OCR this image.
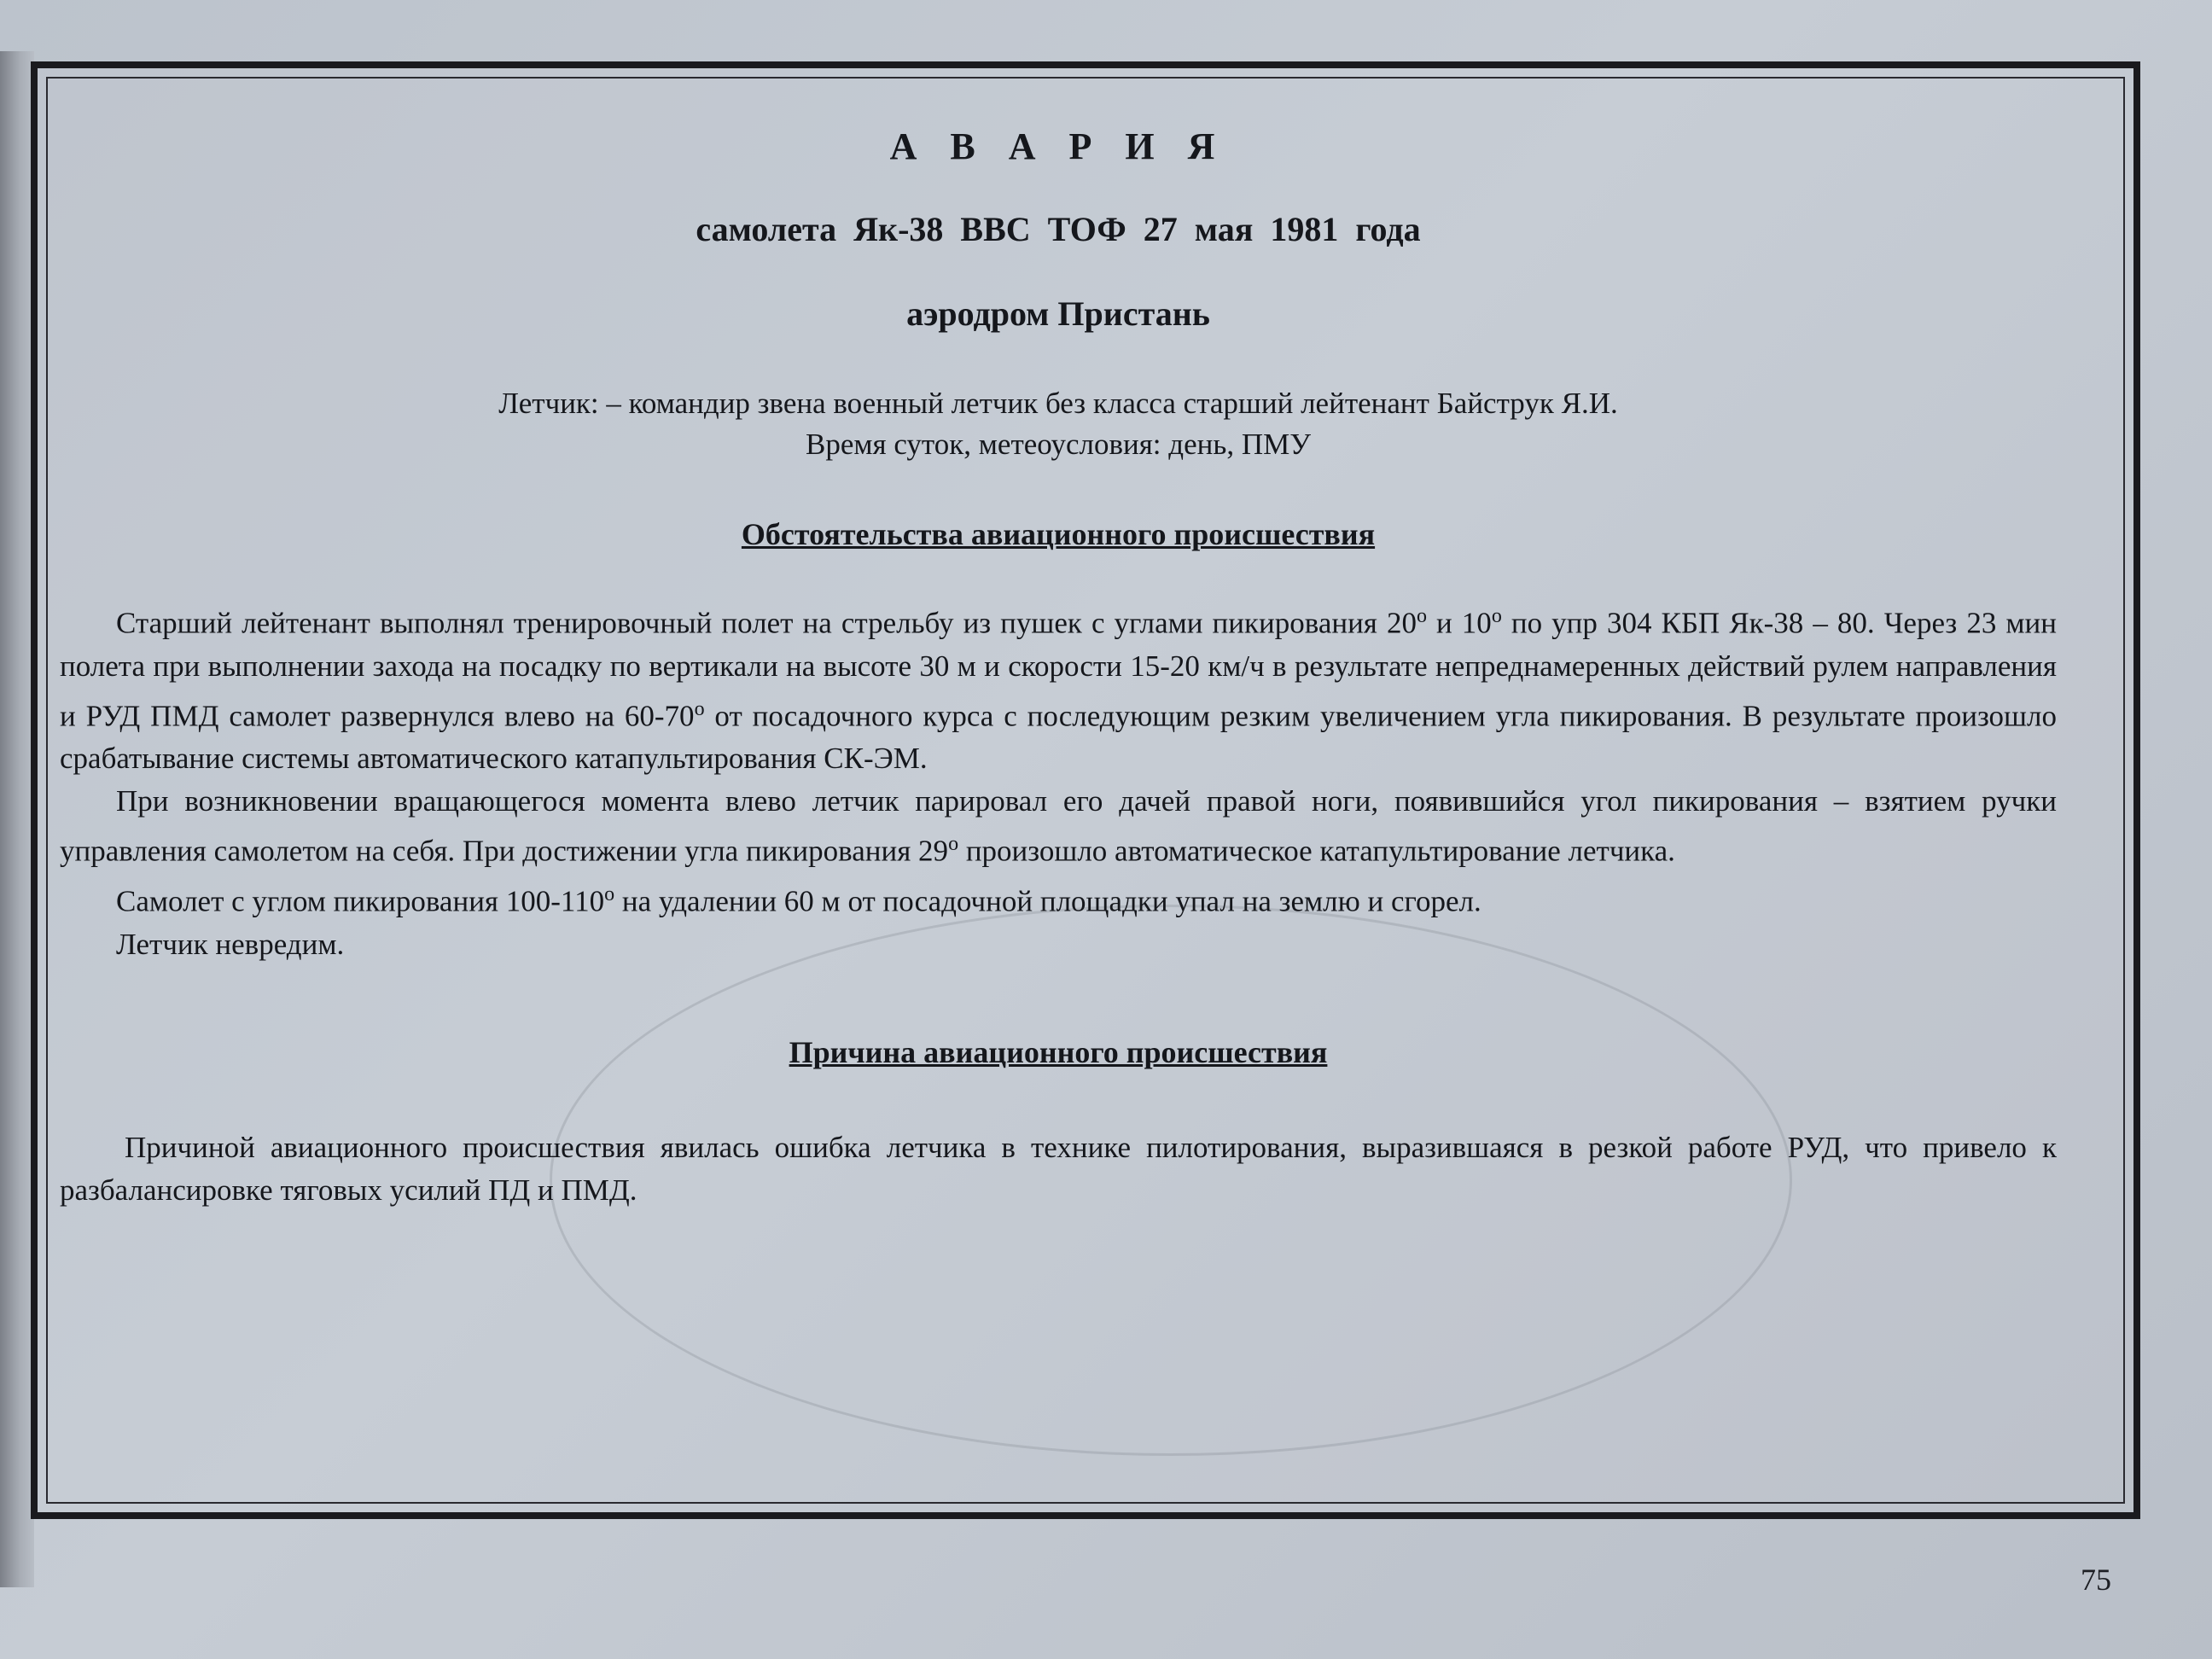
А В А Р И Я
самолета Як-38 ВВС ТОФ 27 мая 1981 года
аэродром Пристань
Летчик: – командир звена военный летчик без класса старший лейтенант Байструк Я.И.
Время суток, метеоусловия: день, ПМУ
Обстоятельства авиационного происшествия

Старший лейтенант выполнял тренировочный полет на стрельбу из пушек с углами пикирования $20^о$ и $10^о$ по упр 304 КБП Як-38 – 80. Через 23 мин полета при выполнении захода на посадку по вертикали на высоте 30 м и скорости 15-20 км/ч в результате непреднамеренных действий рулем направления и РУД ПМД самолет развернулся влево на $60-70^о$ от посадочного курса с последующим резким увеличением угла пикирования. В результате произошло срабатывание системы автоматического катапультирования СК-ЭМ.

При возникновении вращающегося момента влево летчик парировал его дачей правой ноги, появившийся угол пикирования – взятием ручки управления самолетом на себя. При достижении угла пикирования $29^о$ произошло автоматическое катапультирование летчика.

Самолет с углом пикирования $100-110^о$ на удалении 60 м от посадочной площадки упал на землю и сгорел.

Летчик невредим.

Причина авиационного происшествия

Причиной авиационного происшествия явилась ошибка летчика в технике пилотирования, выразившаяся в резкой работе РУД, что привело к разбалансировке тяговых усилий ПД и ПМД.

75
